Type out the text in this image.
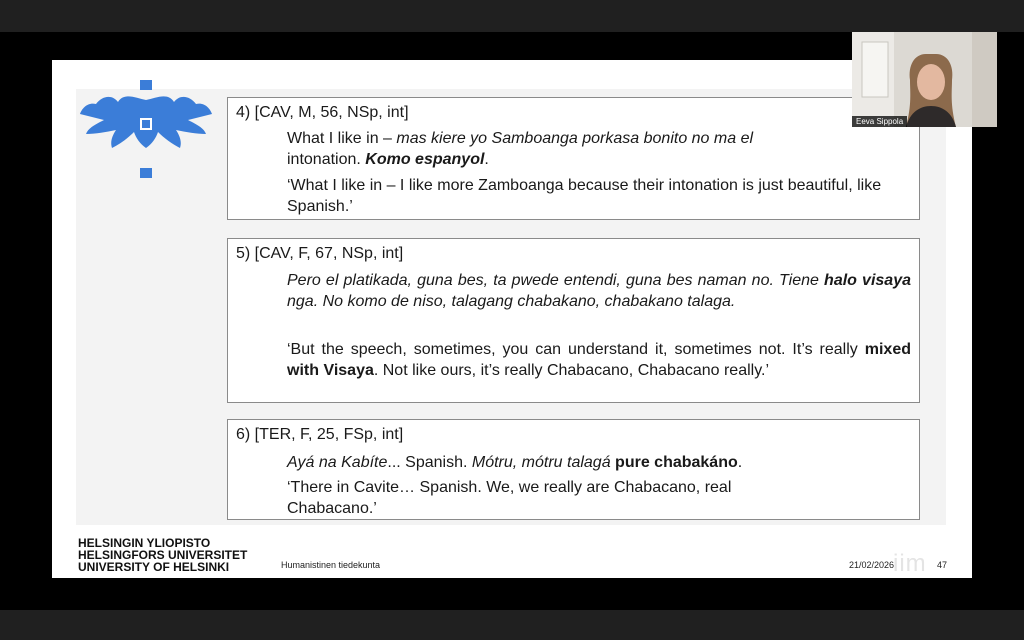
4) [CAV, M, 56, NSp, int]

What I like in – mas kiere yo Samboanga porkasa bonito no ma el
intonation. Komo espanyol.

‘What I like in – I like more Zamboanga because their intonation is just beautiful, like Spanish.’

5) [CAV, F, 67, NSp, int]

Pero el platikada, guna bes, ta pwede entendi, guna bes naman no. Tiene halo visaya nga. No komo de niso, talagang chabakano, chabakano talaga.

‘But the speech, sometimes, you can understand it, sometimes not. It’s really mixed with Visaya. Not like ours, it’s really Chabacano, Chabacano really.’

6) [TER, F, 25, FSp, int]

Ayá na Kabíte... Spanish. Mótru, mótru talagá pure chabakáno.

‘There in Cavite… Spanish. We, we really are Chabacano, real Chabacano.’

HELSINGIN YLIOPISTO
HELSINGFORS UNIVERSITET
UNIVERSITY OF HELSINKI	Humanistinen tiedekunta	iim
21/02/2026	47
Eeva Sippola
